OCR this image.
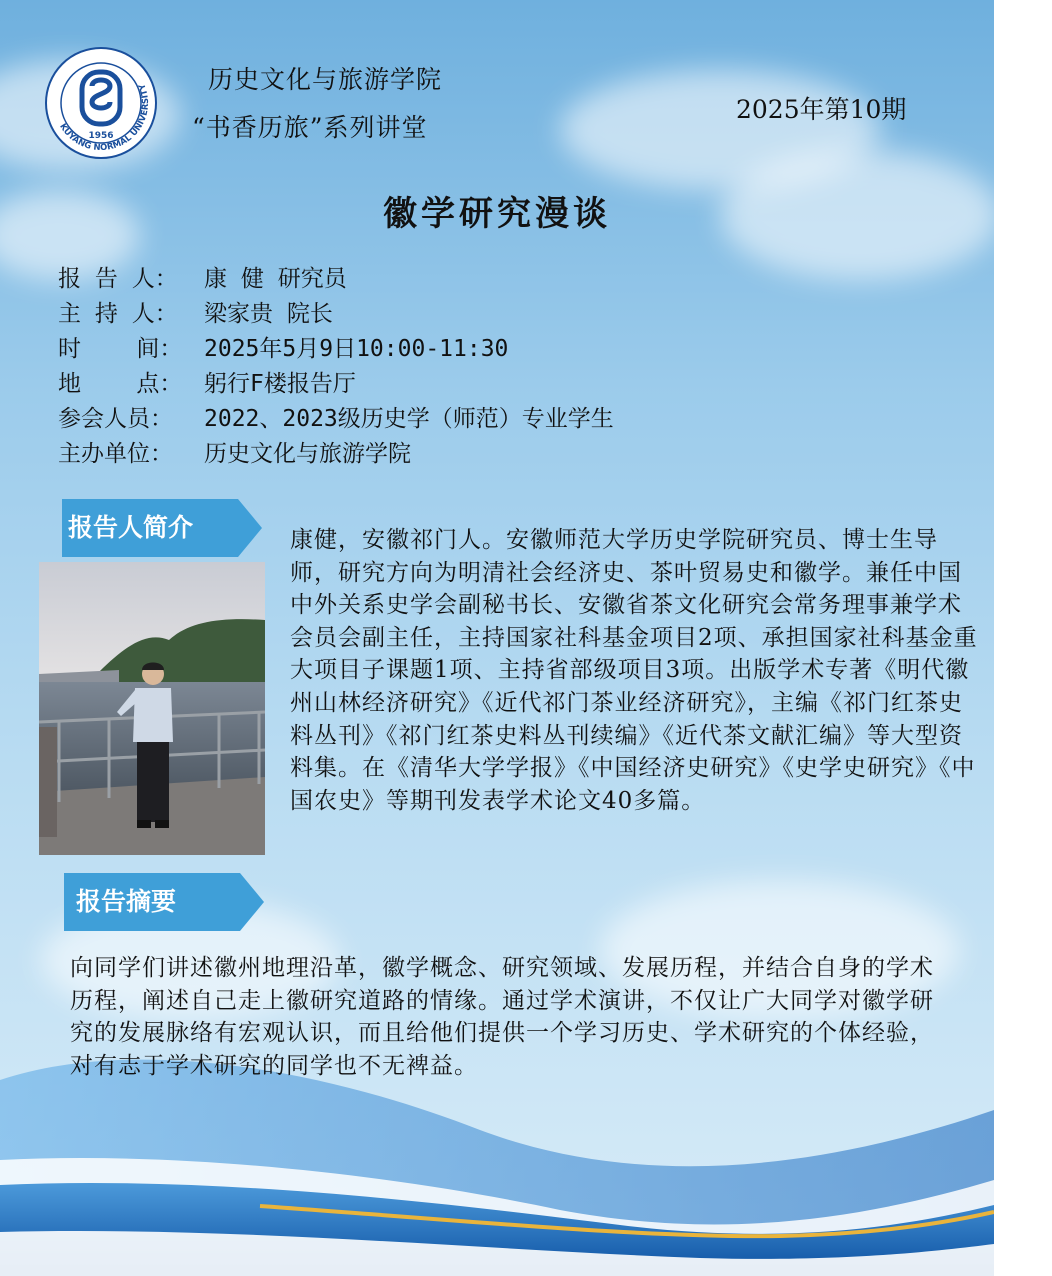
KUYANG NORMAL UNIVERSITY
1956
历史文化与旅游学院
“书香历旅”系列讲堂
2025年第10期
徽学研究漫谈
报 告 人： 康 健 研究员
主 持 人： 梁家贵 院长
时    间： 2025年5月9日10:00-11:30
地    点： 躬行F楼报告厅
参会人员： 2022、2023级历史学（师范）专业学生
主办单位： 历史文化与旅游学院
报告人简介	康健，安徽祁门人。安徽师范大学历史学院研究员、博士生导师，研究方向为明清社会经济史、茶叶贸易史和徽学。兼任中国中外关系史学会副秘书长、安徽省茶文化研究会常务理事兼学术会员会副主任，主持国家社科基金项目2项、承担国家社科基金重大项目子课题1项、主持省部级项目3项。出版学术专著《明代徽州山林经济研究》《近代祁门茶业经济研究》，主编《祁门红茶史料丛刊》《祁门红茶史料丛刊续编》《近代茶文献汇编》等大型资料集。在《清华大学学报》《中国经济史研究》《史学史研究》《中国农史》等期刊发表学术论文40多篇。
报告摘要
向同学们讲述徽州地理沿革，徽学概念、研究领域、发展历程，并结合自身的学术历程，阐述自己走上徽研究道路的情缘。通过学术演讲，不仅让广大同学对徽学研究的发展脉络有宏观认识，而且给他们提供一个学习历史、学术研究的个体经验，对有志于学术研究的同学也不无裨益。
